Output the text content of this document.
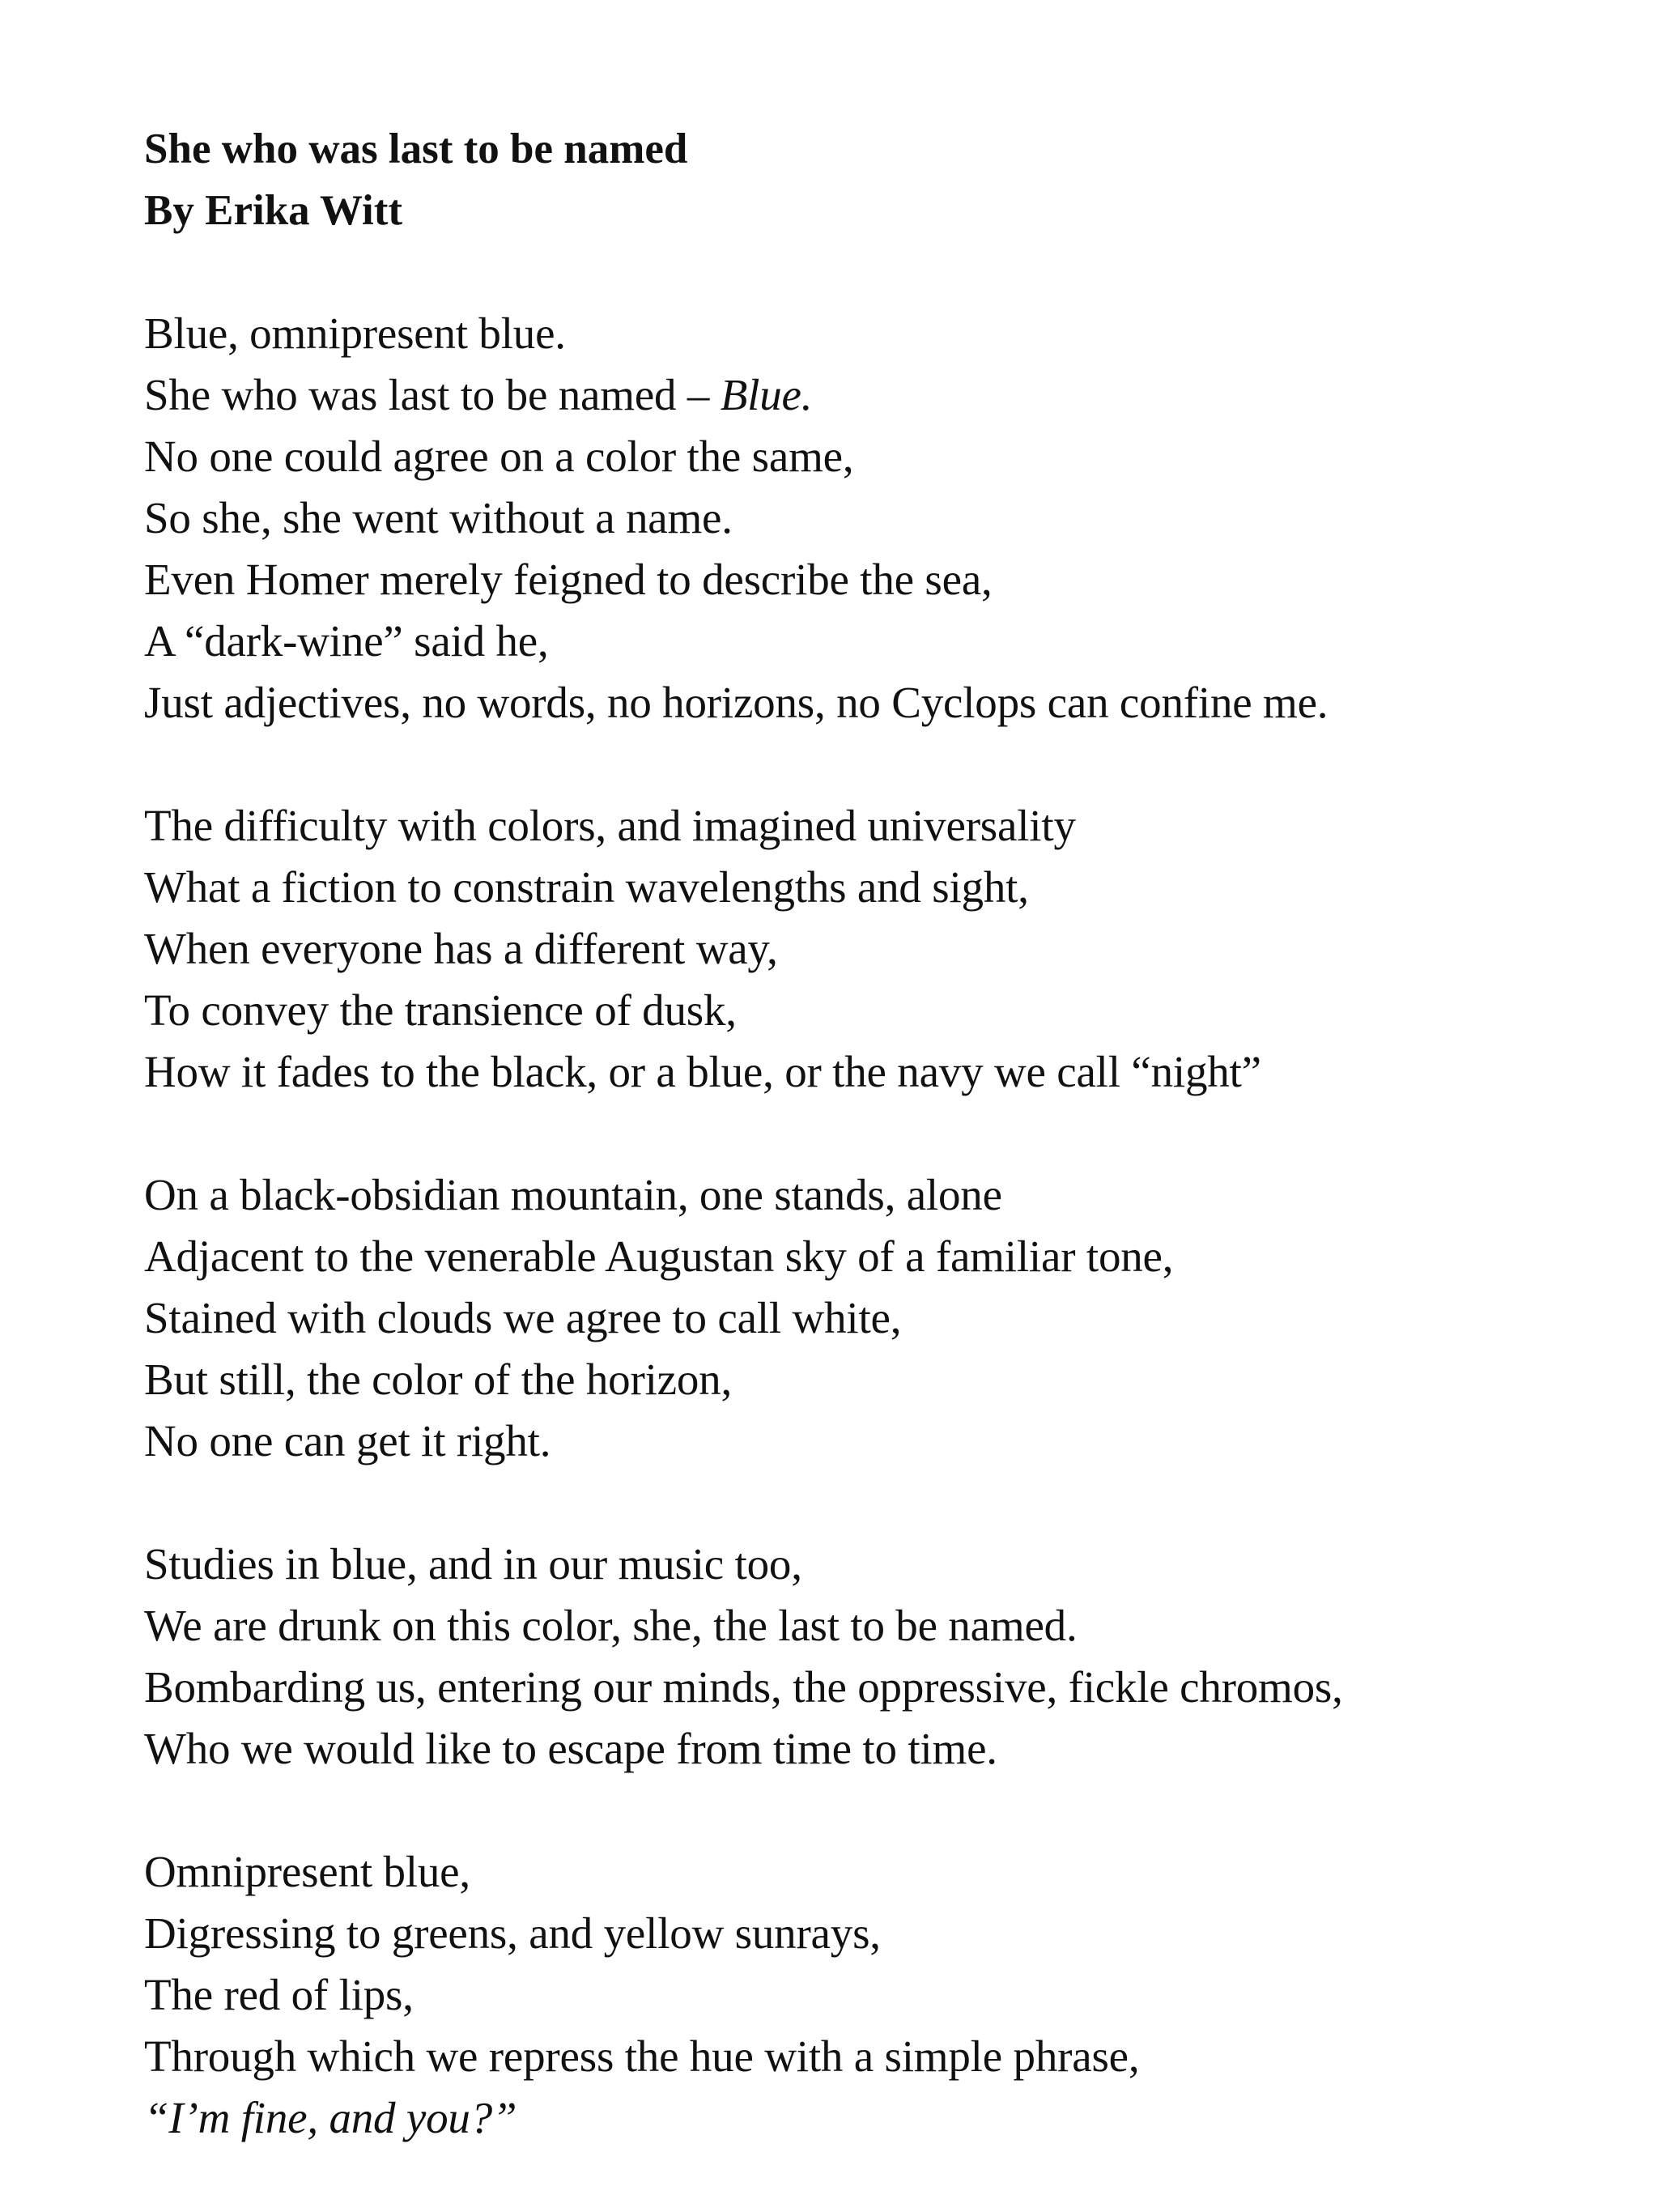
She who was last to be named
By Erika Witt
Blue, omnipresent blue.
She who was last to be named – Blue.
No one could agree on a color the same,
So she, she went without a name.
Even Homer merely feigned to describe the sea,
A “dark-wine” said he,
Just adjectives, no words, no horizons, no Cyclops can confine me.
The difficulty with colors, and imagined universality
What a fiction to constrain wavelengths and sight,
When everyone has a different way,
To convey the transience of dusk,
How it fades to the black, or a blue, or the navy we call “night”
On a black-obsidian mountain, one stands, alone
Adjacent to the venerable Augustan sky of a familiar tone,
Stained with clouds we agree to call white,
But still, the color of the horizon,
No one can get it right.
Studies in blue, and in our music too,
We are drunk on this color, she, the last to be named.
Bombarding us, entering our minds, the oppressive, fickle chromos,
Who we would like to escape from time to time.
Omnipresent blue,
Digressing to greens, and yellow sunrays,
The red of lips,
Through which we repress the hue with a simple phrase,
“I’m fine, and you?”
